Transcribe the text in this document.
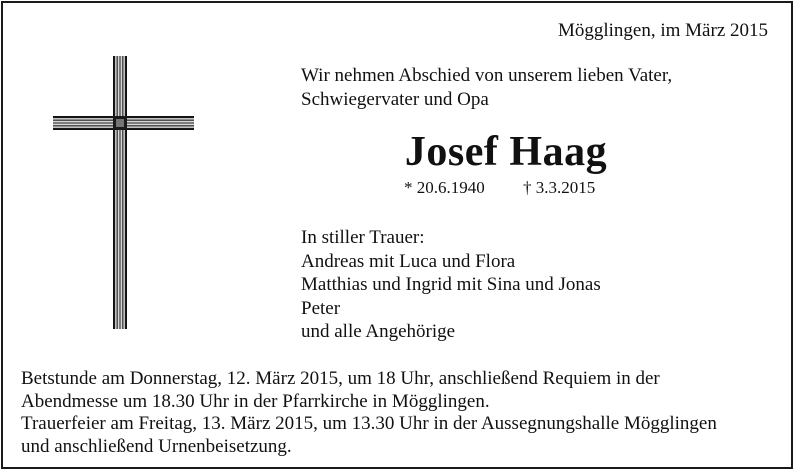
Mögglingen, im März 2015
Wir nehmen Abschied von unserem lieben Vater,
Schwiegervater und Opa
Josef Haag
* 20.6.1940 † 3.3.2015
In stiller Trauer:
Andreas mit Luca und Flora
Matthias und Ingrid mit Sina und Jonas
Peter
und alle Angehörige
Betstunde am Donnerstag, 12. März 2015, um 18 Uhr, anschließend Requiem in der
Abendmesse um 18.30 Uhr in der Pfarrkirche in Mögglingen.
Trauerfeier am Freitag, 13. März 2015, um 13.30 Uhr in der Aussegnungshalle Mögglingen
und anschließend Urnenbeisetzung.
